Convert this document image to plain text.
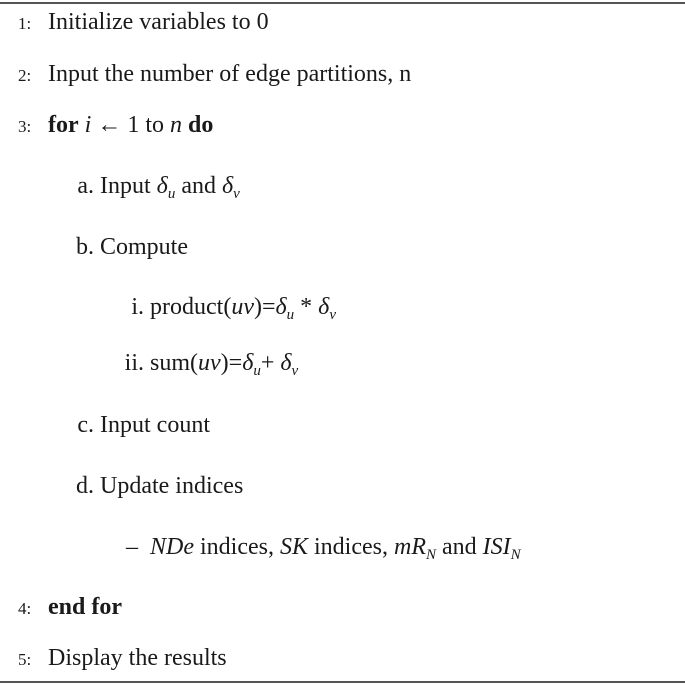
1: Initialize variables to 0
2: Input the number of edge partitions, n
3: for i ← 1 to n do
a. Input $\delta_u$ and $\delta_v$
b. Compute
i. $product(uv)=\delta_u * \delta_v$
ii. $sum(uv)=\delta_u+ \delta_v$
c. Input count
d. Update indices
– NDe indices, SK indices, $mR_N$ and $ISI_N$
4: end for
5: Display the results
